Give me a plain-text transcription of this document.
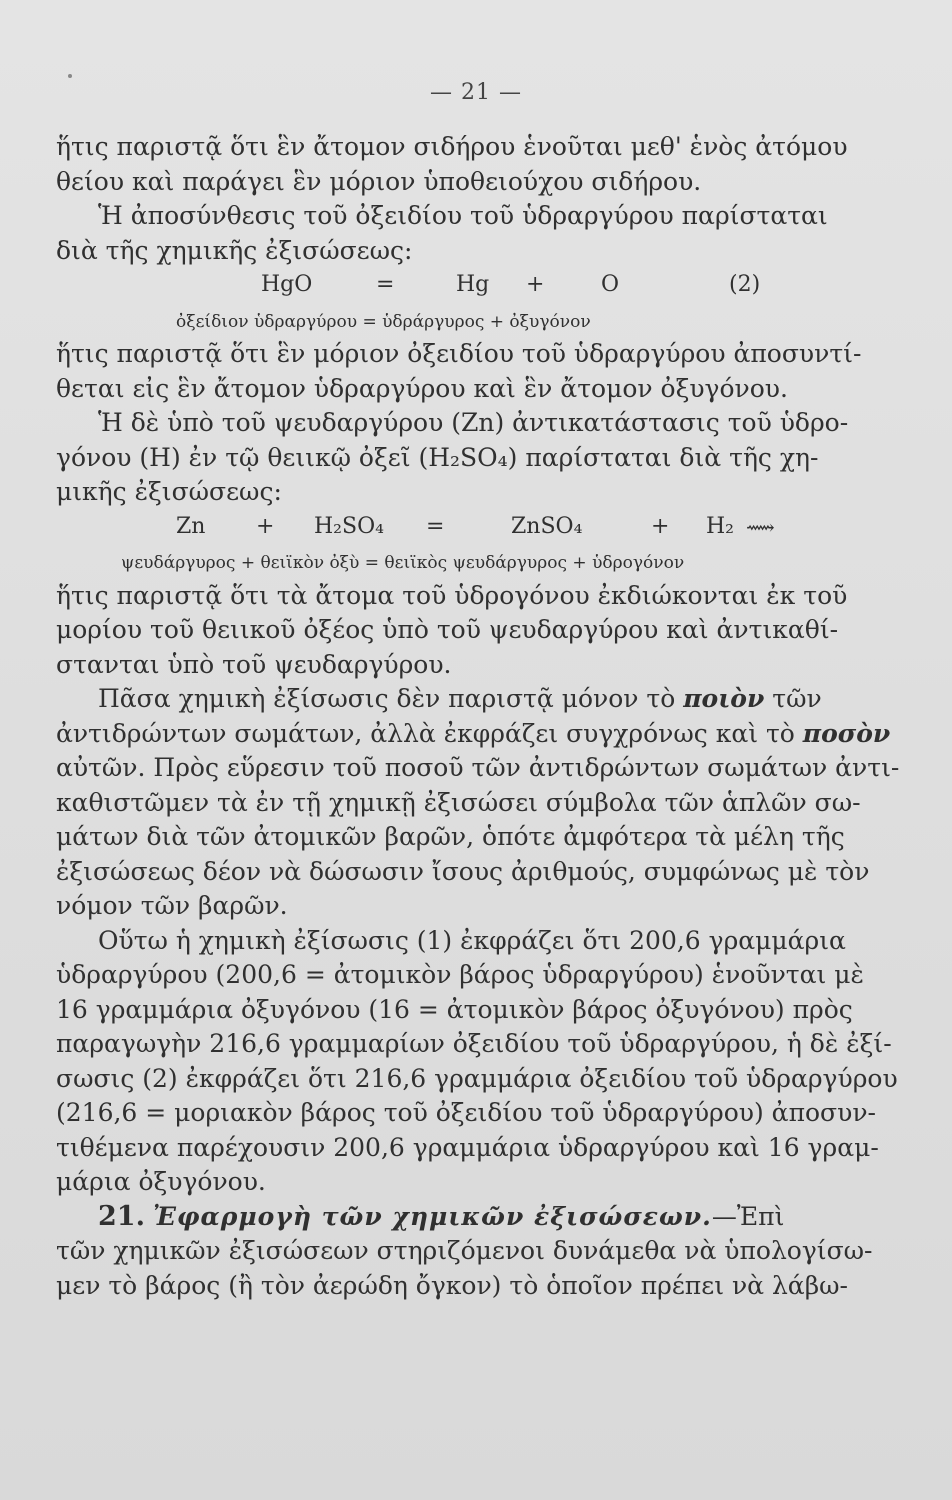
— 21 —
ἥτις παριστᾷ ὅτι ἓν ἄτομον σιδήρου ἑνοῦται μεθ' ἑνὸς ἀτόμου
θείου καὶ παράγει ἓν μόριον ὑποθειούχου σιδήρου.
Ἡ ἀποσύνθεσις τοῦ ὀξειδίου τοῦ ὑδραργύρου παρίσταται
διὰ τῆς χημικῆς ἐξισώσεως:
HgO	=	Hg +	O	(2)
ὀξείδιον ὑδραργύρου = ὑδράργυρος + ὀξυγόνον
ἥτις παριστᾷ ὅτι ἓν μόριον ὀξειδίου τοῦ ὑδραργύρου ἀποσυντί-
θεται εἰς ἓν ἄτομον ὑδραργύρου καὶ ἓν ἄτομον ὀξυγόνου.
Ἡ δὲ ὑπὸ τοῦ ψευδαργύρου (Zn) ἀντικατάστασις τοῦ ὑδρο-
γόνου (H) ἐν τῷ θειικῷ ὀξεῖ (H₂SO₄) παρίσταται διὰ τῆς χη-
μικῆς ἐξισώσεως:
Zn + H₂SO₄ =	ZnSO₄	+ H₂ ⟿
ψευδάργυρος + θειϊκὸν ὀξὺ = θειϊκὸς ψευδάργυρος + ὑδρογόνον
ἥτις παριστᾷ ὅτι τὰ ἄτομα τοῦ ὑδρογόνου ἐκδιώκονται ἐκ τοῦ
μορίου τοῦ θειικοῦ ὀξέος ὑπὸ τοῦ ψευδαργύρου καὶ ἀντικαθί-
στανται ὑπὸ τοῦ ψευδαργύρου.
Πᾶσα χημικὴ ἐξίσωσις δὲν παριστᾷ μόνον τὸ ποιὸν τῶν
ἀντιδρώντων σωμάτων, ἀλλὰ ἐκφράζει συγχρόνως καὶ τὸ ποσὸν
αὐτῶν. Πρὸς εὕρεσιν τοῦ ποσοῦ τῶν ἀντιδρώντων σωμάτων ἀντι-
καθιστῶμεν τὰ ἐν τῇ χημικῇ ἐξισώσει σύμβολα τῶν ἁπλῶν σω-
μάτων διὰ τῶν ἀτομικῶν βαρῶν, ὁπότε ἀμφότερα τὰ μέλη τῆς
ἐξισώσεως δέον νὰ δώσωσιν ἴσους ἀριθμούς, συμφώνως μὲ τὸν
νόμον τῶν βαρῶν.
Οὕτω ἡ χημικὴ ἐξίσωσις (1) ἐκφράζει ὅτι 200,6 γραμμάρια
ὑδραργύρου (200,6 = ἀτομικὸν βάρος ὑδραργύρου) ἑνοῦνται μὲ
16 γραμμάρια ὀξυγόνου (16 = ἀτομικὸν βάρος ὀξυγόνου) πρὸς
παραγωγὴν 216,6 γραμμαρίων ὀξειδίου τοῦ ὑδραργύρου, ἡ δὲ ἐξί-
σωσις (2) ἐκφράζει ὅτι 216,6 γραμμάρια ὀξειδίου τοῦ ὑδραργύρου
(216,6 = μοριακὸν βάρος τοῦ ὀξειδίου τοῦ ὑδραργύρου) ἀποσυν-
τιθέμενα παρέχουσιν 200,6 γραμμάρια ὑδραργύρου καὶ 16 γραμ-
μάρια ὀξυγόνου.
21. Ἐφαρμογὴ τῶν χημικῶν ἐξισώσεων.—Ἐπὶ
τῶν χημικῶν ἐξισώσεων στηριζόμενοι δυνάμεθα νὰ ὑπολογίσω-
μεν τὸ βάρος (ἢ τὸν ἀερώδη ὄγκον) τὸ ὁποῖον πρέπει νὰ λάβω-
